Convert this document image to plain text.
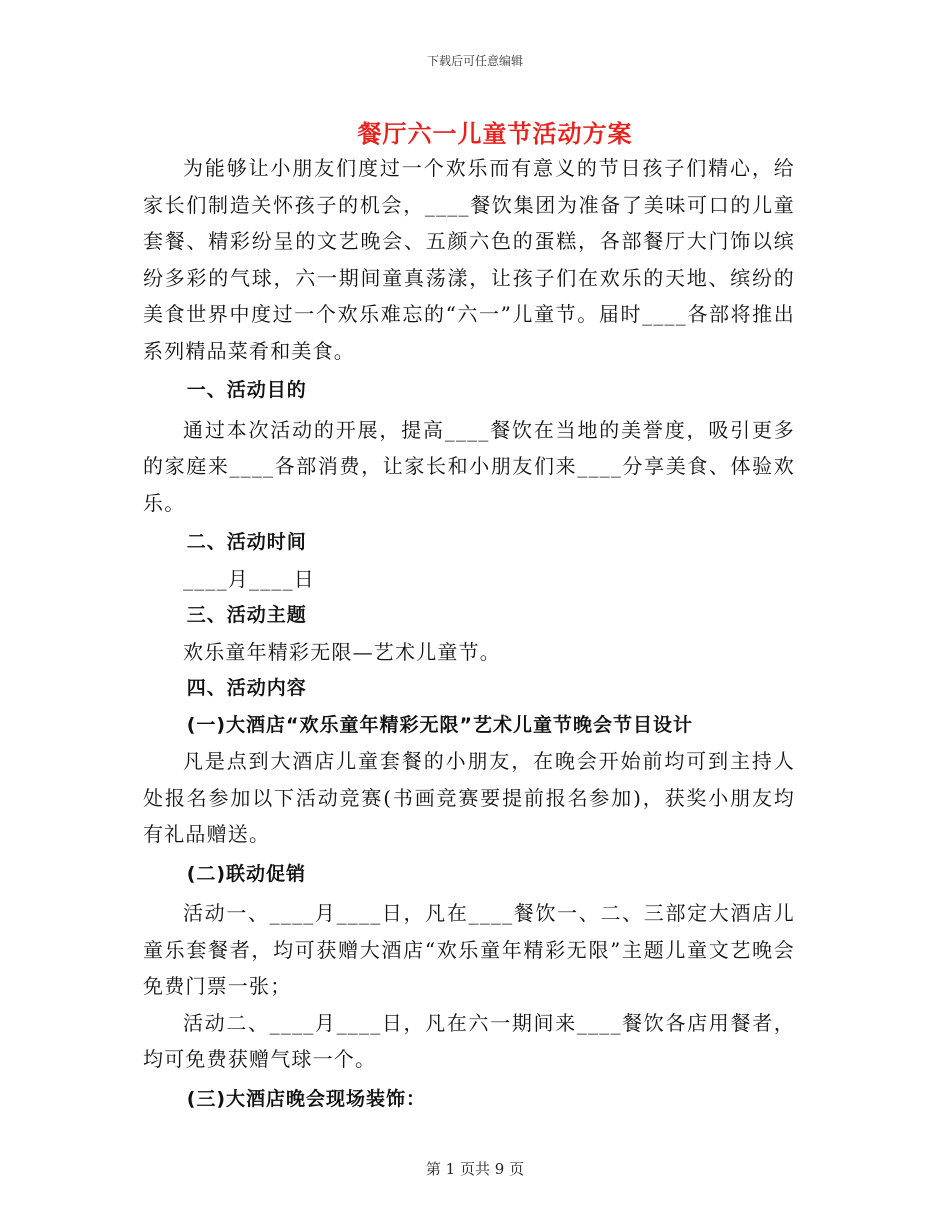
下载后可任意编辑
餐厅六一儿童节活动方案

为能够让小朋友们度过一个欢乐而有意义的节日孩子们精心，给家长们制造关怀孩子的机会，____餐饮集团为准备了美味可口的儿童套餐、精彩纷呈的文艺晚会、五颜六色的蛋糕，各部餐厅大门饰以缤纷多彩的气球，六一期间童真荡漾，让孩子们在欢乐的天地、缤纷的美食世界中度过一个欢乐难忘的“六一”儿童节。届时____各部将推出系列精品菜肴和美食。

一、活动目的

通过本次活动的开展，提高____餐饮在当地的美誉度，吸引更多的家庭来____各部消费，让家长和小朋友们来____分享美食、体验欢乐。

二、活动时间

____月____日

三、活动主题

欢乐童年精彩无限—艺术儿童节。

四、活动内容

(一)大酒店“欢乐童年精彩无限”艺术儿童节晚会节目设计

凡是点到大酒店儿童套餐的小朋友，在晚会开始前均可到主持人处报名参加以下活动竞赛(书画竞赛要提前报名参加)，获奖小朋友均有礼品赠送。

(二)联动促销

活动一、____月____日，凡在____餐饮一、二、三部定大酒店儿童乐套餐者，均可获赠大酒店“欢乐童年精彩无限”主题儿童文艺晚会免费门票一张；

活动二、____月____日，凡在六一期间来____餐饮各店用餐者，均可免费获赠气球一个。

(三)大酒店晚会现场装饰：

第 1 页共 9 页
